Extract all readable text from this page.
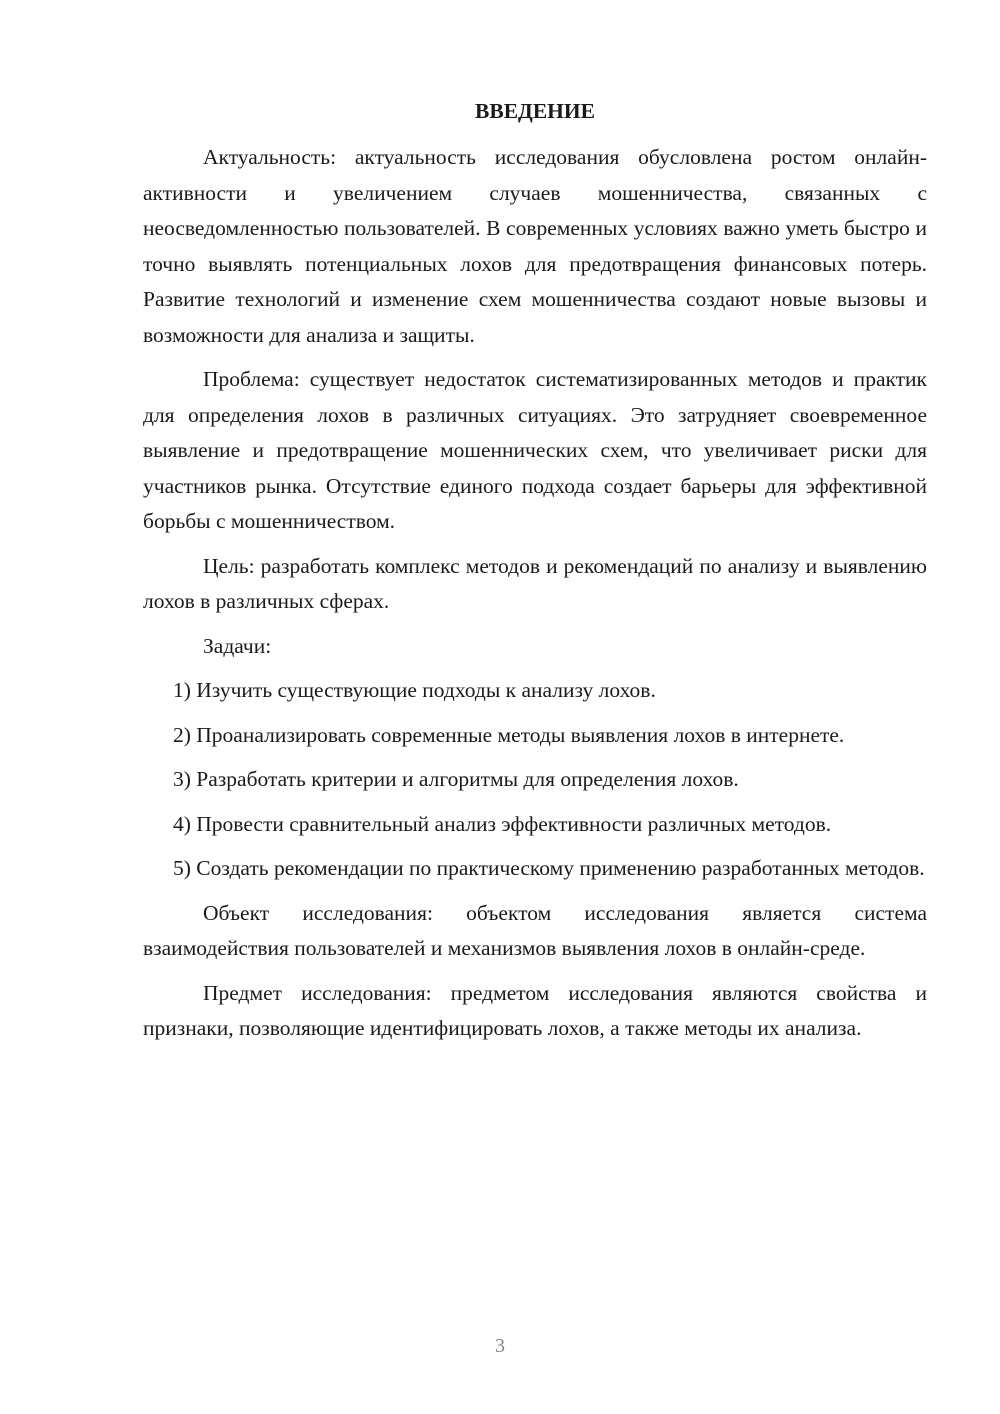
ВВЕДЕНИЕ

Актуальность: актуальность исследования обусловлена ростом онлайн-активности и увеличением случаев мошенничества, связанных с неосведомленностью пользователей. В современных условиях важно уметь быстро и точно выявлять потенциальных лохов для предотвращения финансовых потерь. Развитие технологий и изменение схем мошенничества создают новые вызовы и возможности для анализа и защиты.

Проблема: существует недостаток систематизированных методов и практик для определения лохов в различных ситуациях. Это затрудняет своевременное выявление и предотвращение мошеннических схем, что увеличивает риски для участников рынка. Отсутствие единого подхода создает барьеры для эффективной борьбы с мошенничеством.

Цель: разработать комплекс методов и рекомендаций по анализу и выявлению лохов в различных сферах.

Задачи:

1) Изучить существующие подходы к анализу лохов.

2) Проанализировать современные методы выявления лохов в интернете.

3) Разработать критерии и алгоритмы для определения лохов.

4) Провести сравнительный анализ эффективности различных методов.

5) Создать рекомендации по практическому применению разработанных методов.

Объект исследования: объектом исследования является система взаимодействия пользователей и механизмов выявления лохов в онлайн-среде.

Предмет исследования: предметом исследования являются свойства и признаки, позволяющие идентифицировать лохов, а также методы их анализа.

3
